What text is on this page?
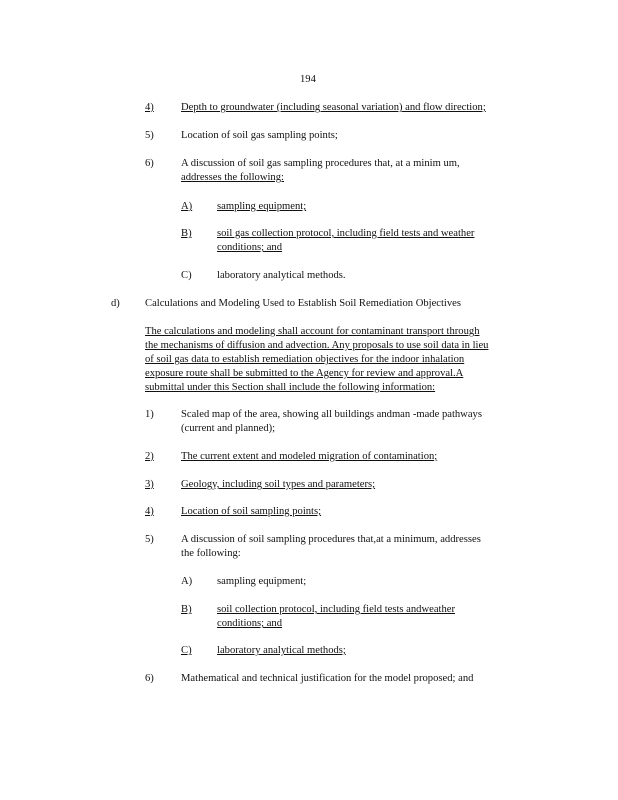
194
4)	Depth to groundwater (including seasonal variation) and flow direction;
5)	Location of soil gas sampling points;
6)	A discussion of soil gas sampling procedures that, at a minim um,
addresses the following:
A)	sampling equipment;
B)	soil gas collection protocol, including field tests and weather
conditions; and
C)	laboratory analytical methods.
d)	Calculations and Modeling Used to Establish Soil Remediation Objectives
The calculations and modeling shall account for contaminant transport through
the mechanisms of diffusion and advection. Any proposals to use soil data in lieu
of soil gas data to establish remediation objectives for the indoor inhalation
exposure route shall be submitted to the Agency for review and approval.A
submittal under this Section shall include the following information:
1)	Scaled map of the area, showing all buildings andman -made pathways
(current and planned);
2)	The current extent and modeled migration of contamination;
3)	Geology, including soil types and parameters;
4)	Location of soil sampling points;
5)	A discussion of soil sampling procedures that,at a minimum, addresses
the following:
A)	sampling equipment;
B)	soil collection protocol, including field tests andweather
conditions; and
C)	laboratory analytical methods;
6)	Mathematical and technical justification for the model proposed; and
